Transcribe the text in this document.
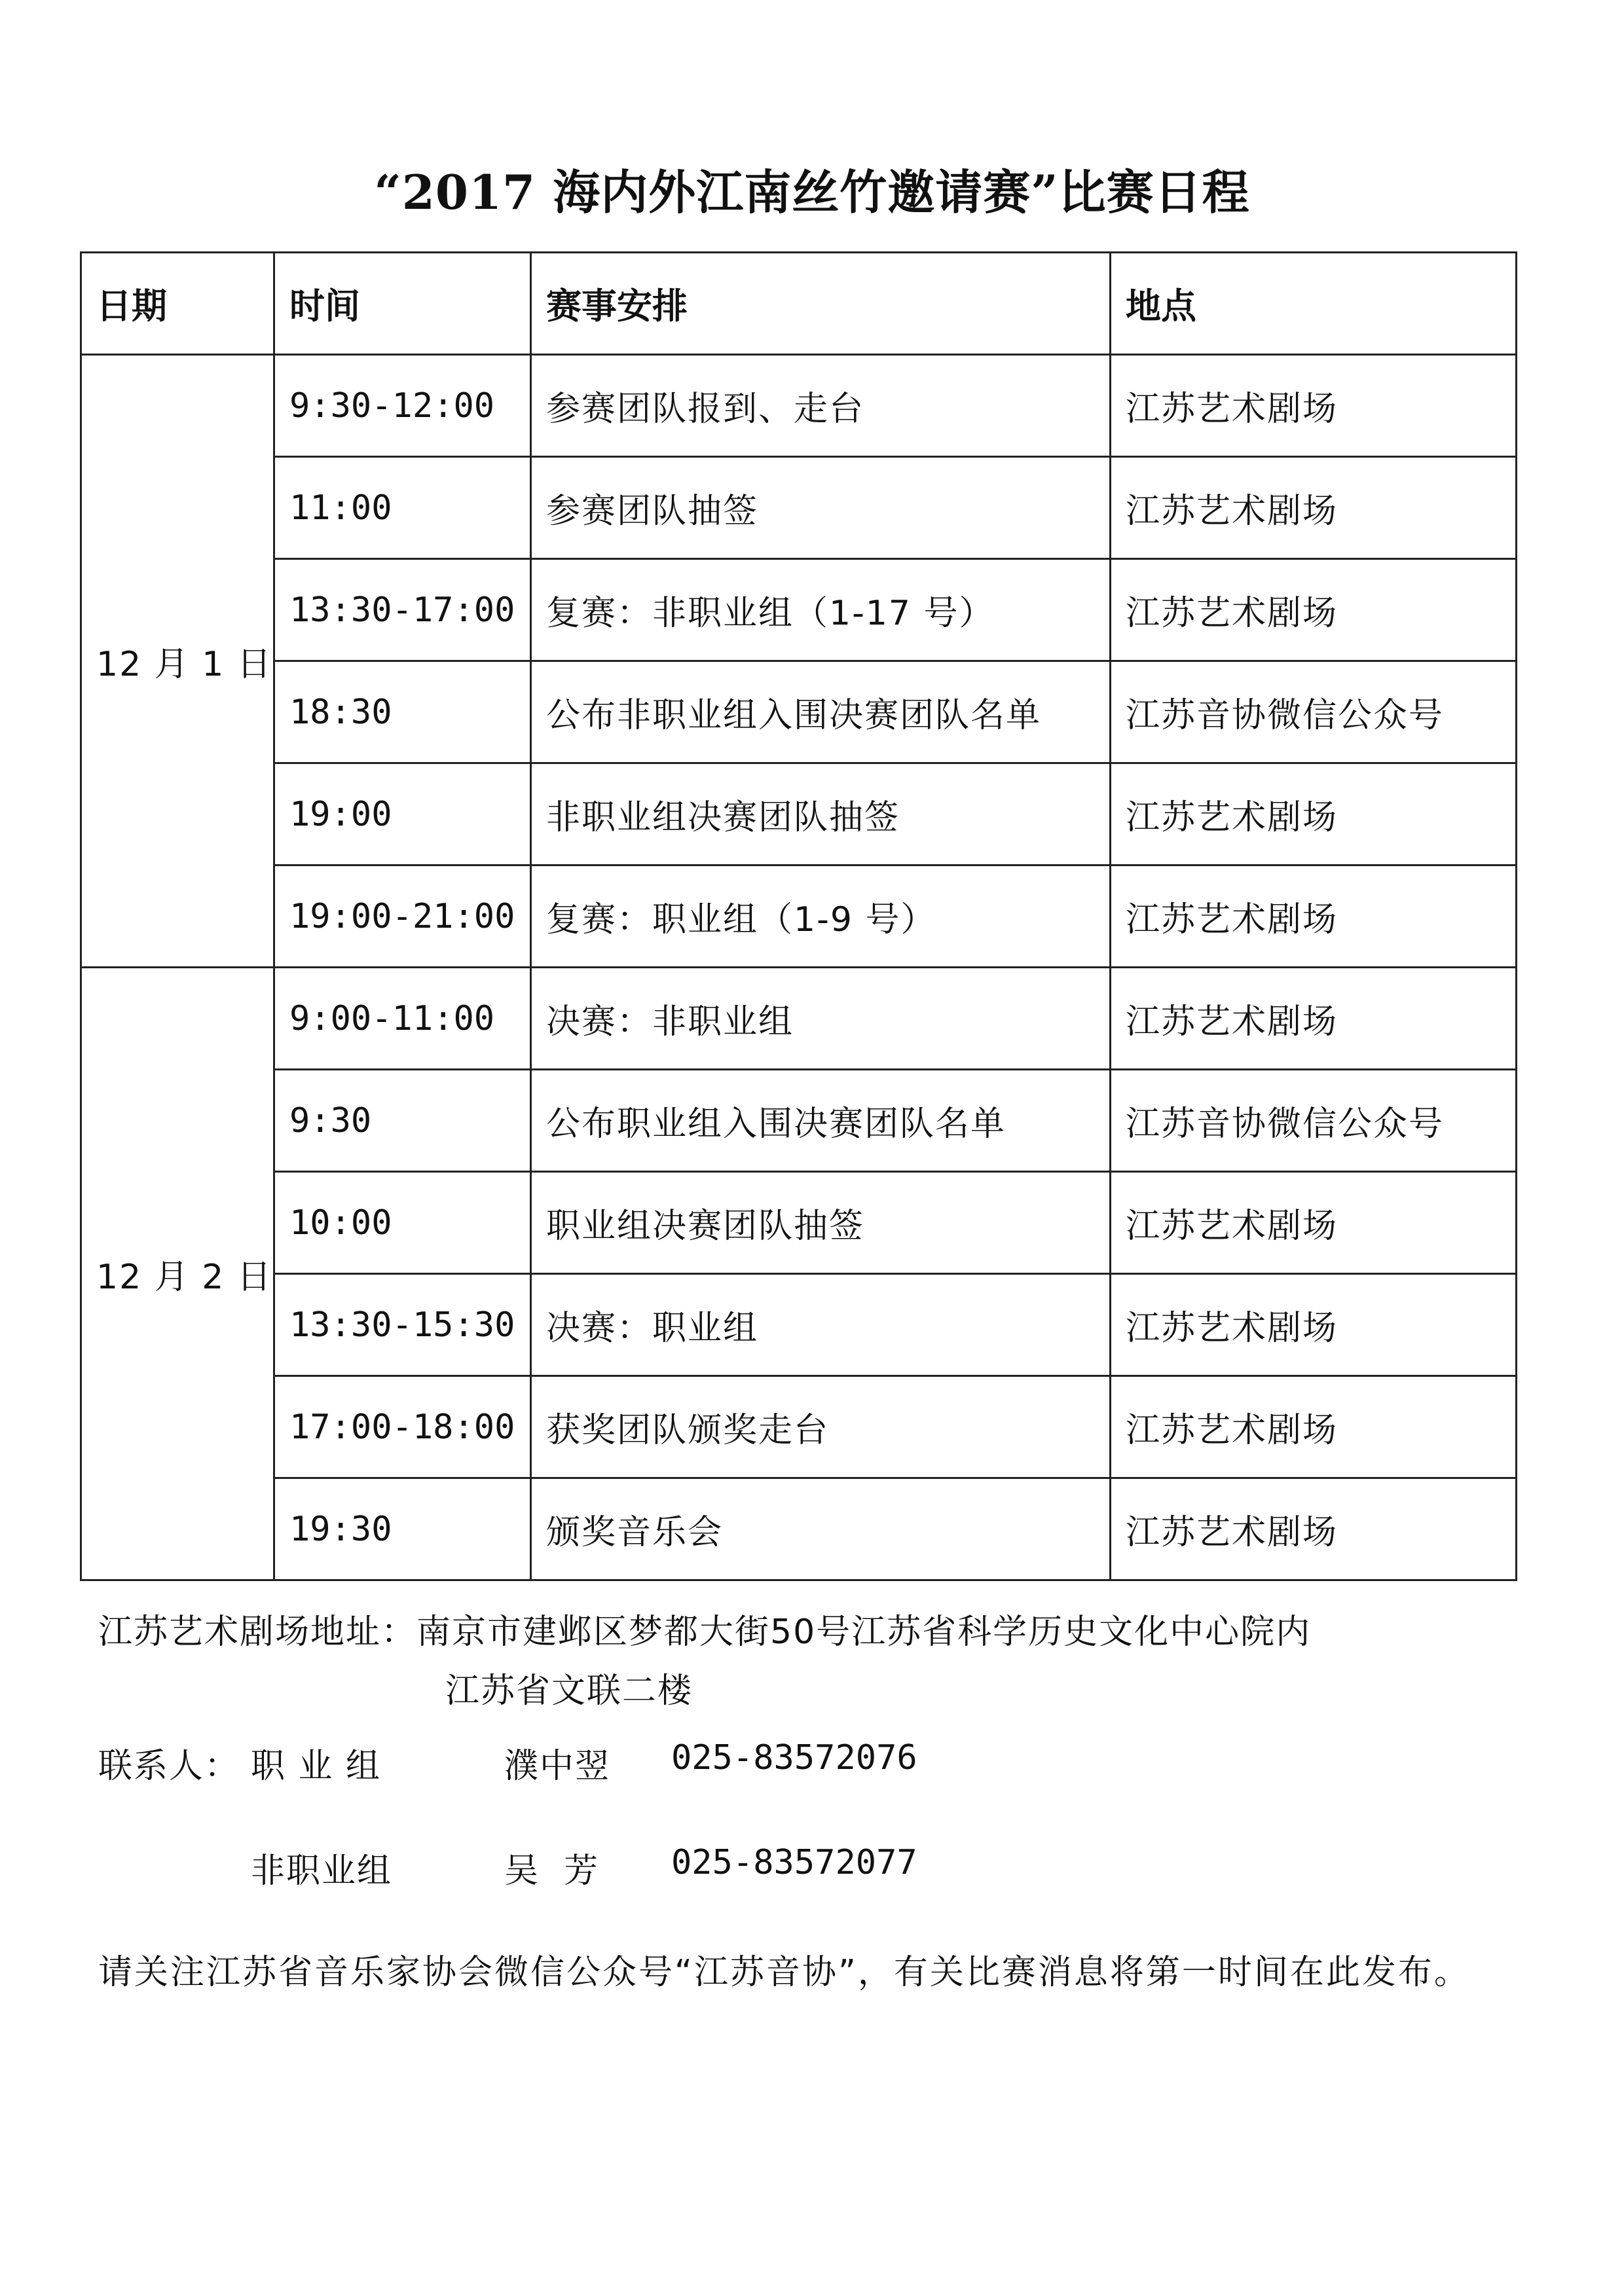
“2017 海内外江南丝竹邀请赛”比赛日程
日期	时间	赛事安排	地点
12 月 1 日	9:30-12:00	参赛团队报到、走台	江苏艺术剧场
	11:00	参赛团队抽签	江苏艺术剧场
	13:30-17:00	复赛：非职业组（1-17 号）	江苏艺术剧场
	18:30	公布非职业组入围决赛团队名单	江苏音协微信公众号
	19:00	非职业组决赛团队抽签	江苏艺术剧场
	19:00-21:00	复赛：职业组（1-9 号）	江苏艺术剧场
12 月 2 日	9:00-11:00	决赛：非职业组	江苏艺术剧场
	9:30	公布职业组入围决赛团队名单	江苏音协微信公众号
	10:00	职业组决赛团队抽签	江苏艺术剧场
	13:30-15:30	决赛：职业组	江苏艺术剧场
	17:00-18:00	获奖团队颁奖走台	江苏艺术剧场
	19:30	颁奖音乐会	江苏艺术剧场
江苏艺术剧场地址：南京市建邺区梦都大街50号江苏省科学历史文化中心院内
江苏省文联二楼
联系人： 职 业 组	濮中翌 025-83572076
非职业组	吴  芳 025-83572077
请关注江苏省音乐家协会微信公众号“江苏音协”，有关比赛消息将第一时间在此发布。
